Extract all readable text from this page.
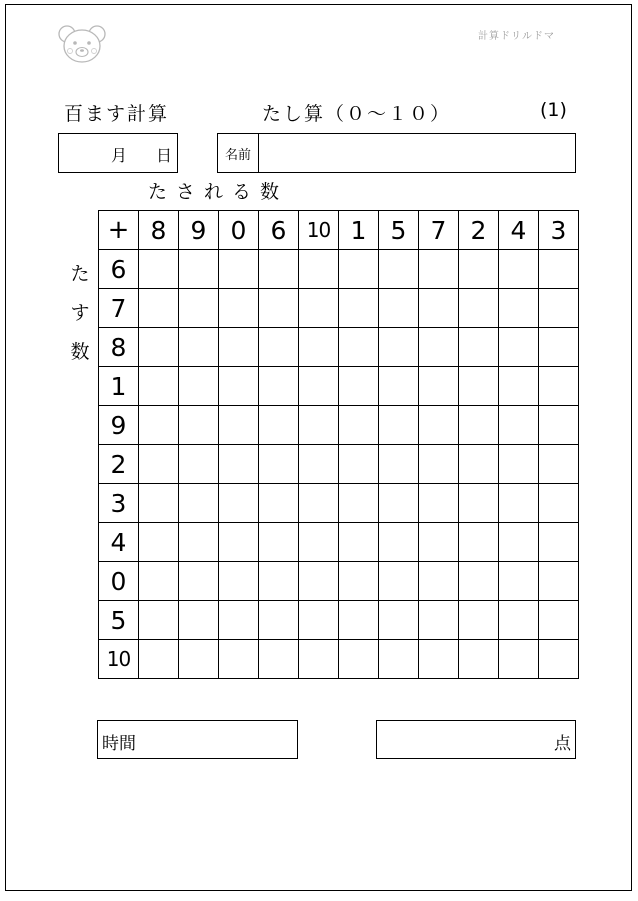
計算ドリルドマ
百ます計算	たし算（０～１０）	(1)
月 日	名前
たされる数
た
す
数
+	8	9	0	6	10	1	5	7	2	4	3
6											
7											
8											
1											
9											
2											
3											
4											
0											
5											
10											
時間	点
